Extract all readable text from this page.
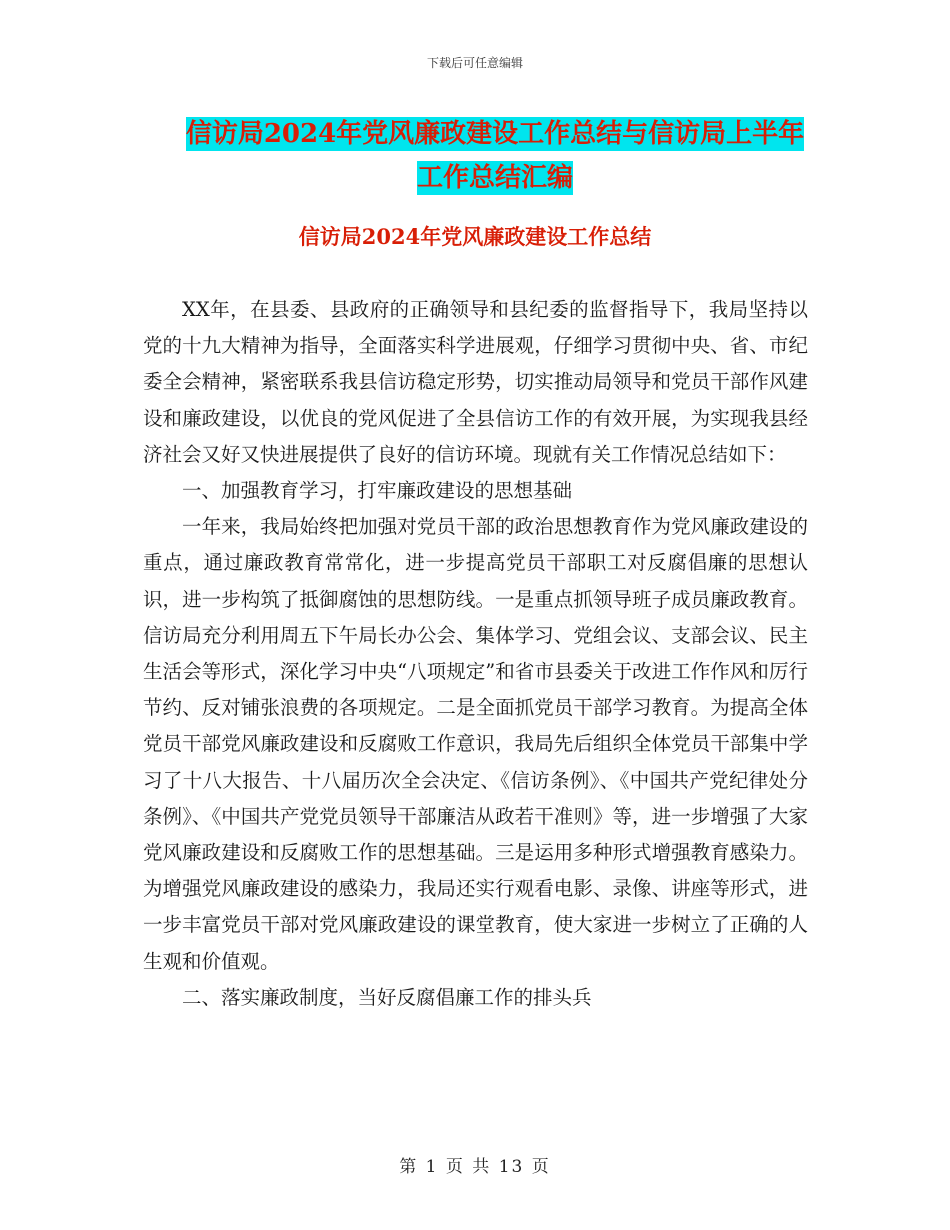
下载后可任意编辑
信访局2024年党风廉政建设工作总结与信访局上半年
工作总结汇编
信访局2024年党风廉政建设工作总结

XX年，在县委、县政府的正确领导和县纪委的监督指导下，我局坚持以党的十九大精神为指导，全面落实科学进展观，仔细学习贯彻中央、省、市纪委全会精神，紧密联系我县信访稳定形势，切实推动局领导和党员干部作风建设和廉政建设，以优良的党风促进了全县信访工作的有效开展，为实现我县经济社会又好又快进展提供了良好的信访环境。现就有关工作情况总结如下：

一、加强教育学习，打牢廉政建设的思想基础

一年来，我局始终把加强对党员干部的政治思想教育作为党风廉政建设的重点，通过廉政教育常常化，进一步提高党员干部职工对反腐倡廉的思想认识，进一步构筑了抵御腐蚀的思想防线。一是重点抓领导班子成员廉政教育。信访局充分利用周五下午局长办公会、集体学习、党组会议、支部会议、民主生活会等形式，深化学习中央“八项规定”和省市县委关于改进工作作风和厉行节约、反对铺张浪费的各项规定。二是全面抓党员干部学习教育。为提高全体党员干部党风廉政建设和反腐败工作意识，我局先后组织全体党员干部集中学习了十八大报告、十八届历次全会决定、《信访条例》、《中国共产党纪律处分条例》、《中国共产党党员领导干部廉洁从政若干准则》等，进一步增强了大家党风廉政建设和反腐败工作的思想基础。三是运用多种形式增强教育感染力。为增强党风廉政建设的感染力，我局还实行观看电影、录像、讲座等形式，进一步丰富党员干部对党风廉政建设的课堂教育，使大家进一步树立了正确的人生观和价值观。

二、落实廉政制度，当好反腐倡廉工作的排头兵

第 1 页 共 13 页
